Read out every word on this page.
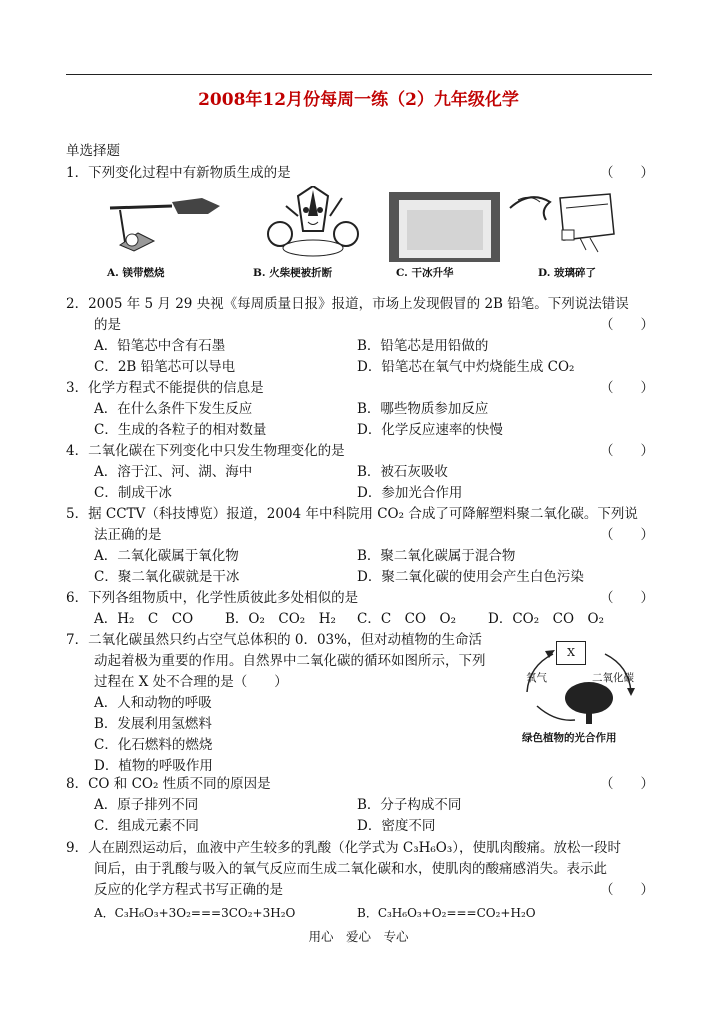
2008年12月份每周一练（2）九年级化学
单选择题
1．下列变化过程中有新物质生成的是	（　　）
A. 镁带燃烧	B. 火柴梗被折断	C. 干冰升华	D. 玻璃碎了
2．2005 年 5 月 29 央视《每周质量日报》报道，市场上发现假冒的 2B 铅笔。下列说法错误
的是	（　　）
A．铅笔芯中含有石墨	B．铅笔芯是用铅做的
C．2B 铅笔芯可以导电	D．铅笔芯在氧气中灼烧能生成 CO₂
3．化学方程式不能提供的信息是	（　　）
A．在什么条件下发生反应	B．哪些物质参加反应
C．生成的各粒子的相对数量	D．化学反应速率的快慢
4．二氧化碳在下列变化中只发生物理变化的是	（　　）
A．溶于江、河、湖、海中	B．被石灰吸收
C．制成干冰	D．参加光合作用
5．据 CCTV（科技博览）报道，2004 年中科院用 CO₂ 合成了可降解塑料聚二氧化碳。下列说
法正确的是	（　　）
A．二氧化碳属于氧化物	B．聚二氧化碳属于混合物
C．聚二氧化碳就是干冰	D．聚二氧化碳的使用会产生白色污染
6．下列各组物质中，化学性质彼此多处相似的是	（　　）
A．H₂　C　CO B．O₂　CO₂　H₂ C．C　CO　O₂ D．CO₂　CO　O₂
7．二氧化碳虽然只约占空气总体积的 0．03%，但对动植物的生命活
动起着极为重要的作用。自然界中二氧化碳的循环如图所示，下列
过程在 X 处不合理的是（　　）
A．人和动物的呼吸
B．发展利用氢燃料
C．化石燃料的燃烧
D．植物的呼吸作用
X
氧气	二氧化碳
绿色植物的光合作用
8．CO 和 CO₂ 性质不同的原因是	（　　）
A．原子排列不同	B．分子构成不同
C．组成元素不同	D．密度不同
9．人在剧烈运动后，血液中产生较多的乳酸（化学式为 C₃H₆O₃），使肌肉酸痛。放松一段时
间后，由于乳酸与吸入的氧气反应而生成二氧化碳和水，使肌肉的酸痛感消失。表示此
反应的化学方程式书写正确的是	（　　）
A．C₃H₆O₃+3O₂===3CO₂+3H₂O	B．C₃H₆O₃+O₂===CO₂+H₂O
用心　爱心　专心
